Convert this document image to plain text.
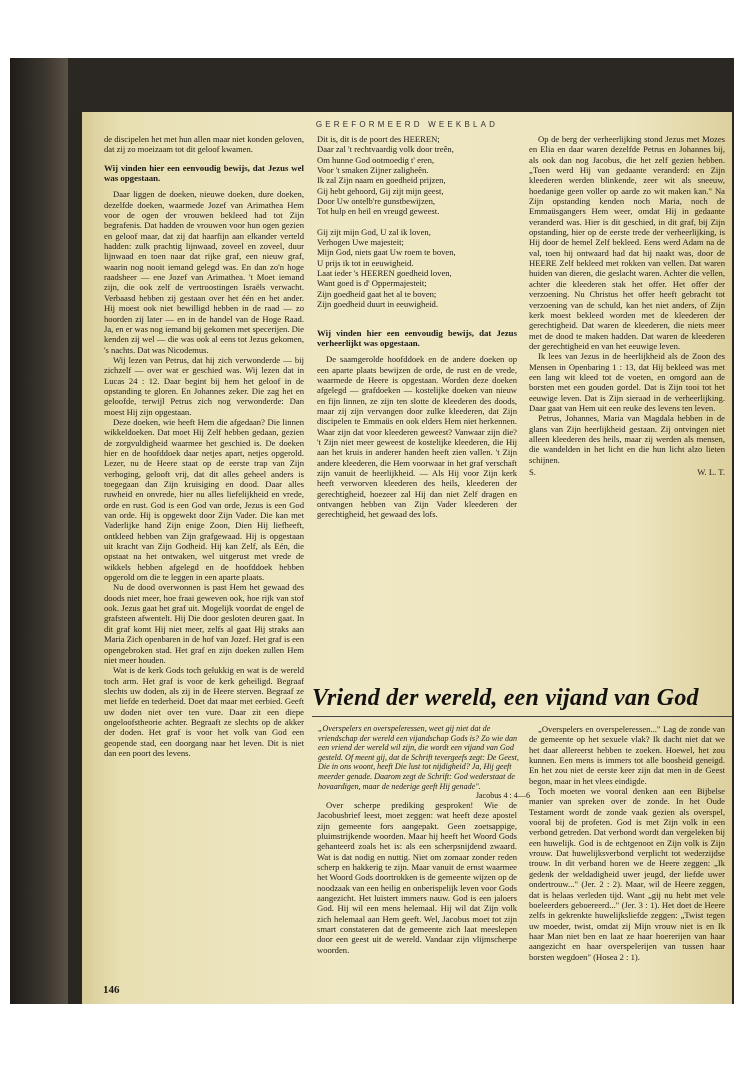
GEREFORMEERD WEEKBLAD

de discipelen het met hun allen maar niet konden geloven, dat zij zo moeizaam tot dit geloof kwamen.

Wij vinden hier een eenvoudig bewijs, dat Jezus wel was opgestaan.

Daar liggen de doeken, nieuwe doeken, dure doeken, dezelfde doeken, waarmede Jozef van Arimathea Hem voor de ogen der vrouwen bekleed had tot Zijn begrafenis. Dat hadden de vrouwen voor hun ogen gezien en geloof maar, dat zij dat haarfijn aan elkander verteld hadden: zulk prachtig lijnwaad, zoveel en zoveel, duur lijnwaad en toen naar dat rijke graf, een nieuw graf, waarin nog nooit iemand gelegd was. En dan zo'n hoge raadsheer — ene Jozef van Arimathea. 't Moet iemand zijn, die ook zelf de vertroostingen Israëls verwacht. Verbaasd hebben zij gestaan over het één en het ander. Hij moest ook niet bewilligd hebben in de raad — zo hoorden zij later — en in de handel van de Hoge Raad. Ja, en er was nog iemand bij gekomen met specerijen. Die kenden zij wel — die was ook al eens tot Jezus gekomen, 's nachts. Dat was Nicodemus.

Wij lezen van Petrus, dat hij zich verwonderde — bij zichzelf — over wat er geschied was. Wij lezen dat in Lucas 24 : 12. Daar begint bij hem het geloof in de opstanding te gloren. En Johannes zeker. Die zag het en geloofde, terwijl Petrus zich nog verwonderde: Dan moest Hij zijn opgestaan.

Deze doeken, wie heeft Hem die afgedaan? Die linnen wikkeldoeken. Dat moet Hij Zelf hebben gedaan, gezien de zorgvuldigheid waarmee het geschied is. De doeken hier en de hoofddoek daar netjes apart, netjes opgerold. Lezer, nu de Heere staat op de eerste trap van Zijn verhoging, gelooft vrij, dat dit alles geheel anders is toegegaan dan Zijn kruisiging en dood. Daar alles ruwheid en onvrede, hier nu alles liefelijkheid en vrede, orde en rust. God is een God van orde, Jezus is een God van orde. Hij is opgewekt door Zijn Vader. Die kan met Vaderlijke hand Zijn enige Zoon, Dien Hij liefheeft, ontkleed hebben van Zijn grafgewaad. Hij is opgestaan uit kracht van Zijn Godheid. Hij kan Zelf, als Eén, die opstaat na het ontwaken, wel uitgerust met vrede de wikkels hebben afgelegd en de hoofddoek hebben opgerold om die te leggen in een aparte plaats.

Nu de dood overwonnen is past Hem het gewaad des doods niet meer, hoe fraai geweven ook, hoe rijk van stof ook. Jezus gaat het graf uit. Mogelijk voordat de engel de grafsteen afwentelt. Hij Die door gesloten deuren gaat. In dit graf komt Hij niet meer, zelfs al gaat Hij straks aan Maria Zich openbaren in de hof van Jozef. Het graf is een opengebroken stad. Het graf en zijn doeken zullen Hem niet meer houden.

Wat is de kerk Gods toch gelukkig en wat is de wereld toch arm. Het graf is voor de kerk geheiligd. Begraaf slechts uw doden, als zij in de Heere sterven. Begraaf ze met liefde en tederheid. Doet dat maar met eerbied. Geeft uw doden niet over ten vure. Daar zit een diepe ongeloofstheorie achter. Begraaft ze slechts op de akker der doden. Het graf is voor het volk van God een geopende stad, een doorgang naar het leven. Dit is niet dan een poort des levens.

Dit is, dit is de poort des HEEREN;
Daar zal 't rechtvaardig volk door treên,
Om hunne God ootmoedig t' eren,
Voor 't smaken Zijner zaligheên.
Ik zal Zijn naam en goedheid prijzen,
Gij hebt gehoord, Gij zijt mijn geest,
Door Uw ontelb're gunstbewijzen,
Tot hulp en heil en vreugd geweest.
Gij zijt mijn God, U zal ik loven,
Verhogen Uwe majesteit;
Mijn God, niets gaat Uw roem te boven,
U prijs ik tot in eeuwigheid.
Laat ieder 's HEEREN goedheid loven,
Want goed is d' Oppermajesteit;
Zijn goedheid gaat het al te boven;
Zijn goedheid duurt in eeuwigheid.

Wij vinden hier een eenvoudig bewijs, dat Jezus verheerlijkt was opgestaan.

De saamgerolde hoofddoek en de andere doeken op een aparte plaats bewijzen de orde, de rust en de vrede, waarmede de Heere is opgestaan. Worden deze doeken afgelegd — grafdoeken — kostelijke doeken van nieuw en fijn linnen, ze zijn ten slotte de kleederen des doods, maar zij zijn vervangen door zulke kleederen, dat Zijn discipelen te Emmaüs en ook elders Hem niet herkennen. Waar zijn dat voor kleederen geweest? Vanwaar zijn die? 't Zijn niet meer geweest de kostelijke kleederen, die Hij aan het kruis in anderer handen heeft zien vallen. 't Zijn andere kleederen, die Hem voorwaar in het graf verschaft zijn vanuit de heerlijkheid. — Als Hij voor Zijn kerk heeft verworven kleederen des heils, kleederen der gerechtigheid, hoezeer zal Hij dan niet Zelf dragen en ontvangen hebben van Zijn Vader kleederen der gerechtigheid, het gewaad des lofs.

Op de berg der verheerlijking stond Jezus met Mozes en Elia en daar waren dezelfde Petrus en Johannes bij, als ook dan nog Jacobus, die het zelf gezien hebben. „Toen werd Hij van gedaante veranderd: en Zijn kleederen werden blinkende, zeer wit als sneeuw, hoedanige geen voller op aarde zo wit maken kan." Na Zijn opstanding kenden noch Maria, noch de Emmaüsgangers Hem weer, omdat Hij in gedaante veranderd was. Hier is dit geschied, in dit graf, bij Zijn opstanding, hier op de eerste trede der verheerlijking, is Hij door de hemel Zelf bekleed. Eens werd Adam na de val, toen hij ontwaard had dat hij naakt was, door de HEERE Zelf bekleed met rokken van vellen. Dat waren huiden van dieren, die geslacht waren. Achter die vellen, achter die kleederen stak het offer. Het offer der verzoening. Nu Christus het offer heeft gebracht tot verzoening van de schuld, kan het niet anders, of Zijn kerk moest bekleed worden met de kleederen der gerechtigheid. Dat waren de kleederen, die niets meer met de dood te maken hadden. Dat waren de kleederen der gerechtigheid en van het eeuwige leven.

Ik lees van Jezus in de heerlijkheid als de Zoon des Mensen in Openbaring 1 : 13, dat Hij bekleed was met een lang wit kleed tot de voeten, en omgord aan de borsten met een gouden gordel. Dat is Zijn tooi tot het eeuwige leven. Dat is Zijn sieraad in de verheerlijking. Daar gaat van Hem uit een reuke des levens ten leven.

Petrus, Johannes, Maria van Magdala hebben in de glans van Zijn heerlijkheid gestaan. Zij ontvingen niet alleen kleederen des heils, maar zij werden als mensen, die wandelden in het licht en die hun licht alzo lieten schijnen.

S.	W. L. T.
Vriend der wereld, een vijand van God
„Overspelers en overspeleressen, weet gij niet dat de vriendschap der wereld een vijandschap Gods is? Zo wie dan een vriend der wereld wil zijn, die wordt een vijand van God gesteld. Of meent gij, dat de Schrift tevergeefs zegt: De Geest, Die in ons woont, heeft Die lust tot nijdigheid? Ja, Hij geeft meerder genade. Daarom zegt de Schrift: God wederstaat de hovaardigen, maar de nederige geeft Hij genade".
Jacobus 4 : 4—6

Over scherpe prediking gesproken! Wie de Jacobusbrief leest, moet zeggen: wat heeft deze apostel zijn gemeente fors aangepakt. Geen zoetsappige, pluimstrijkende woorden. Maar hij heeft het Woord Gods gehanteerd zoals het is: als een scherpsnijdend zwaard. Wat is dat nodig en nuttig. Niet om zomaar zonder reden scherp en hakkerig te zijn. Maar vanuit de ernst waarmee het Woord Gods doortrokken is de gemeente wijzen op de noodzaak van een heilig en onberispelijk leven voor Gods aangezicht. Het luistert immers nauw. God is een jaloers God. Hij wil een mens helemaal. Hij wil dat Zijn volk zich helemaal aan Hem geeft. Wel, Jacobus moet tot zijn smart constateren dat de gemeente zich laat meeslepen door een geest uit de wereld. Vandaar zijn vlijmscherpe woorden.

„Overspelers en overspeleressen..." Lag de zonde van de gemeente op het sexuele vlak? Ik dacht niet dat we het daar allereerst hebben te zoeken. Hoewel, het zou kunnen. Een mens is immers tot alle boosheid geneigd. En het zou niet de eerste keer zijn dat men in de Geest begon, maar in het vlees eindigde.

Toch moeten we vooral denken aan een Bijbelse manier van spreken over de zonde. In het Oude Testament wordt de zonde vaak gezien als overspel, vooral bij de profeten. God is met Zijn volk in een verbond getreden. Dat verbond wordt dan vergeleken bij een huwelijk. God is de echtgenoot en Zijn volk is Zijn vrouw. Dat huwelijksverbond verplicht tot wederzijdse trouw. In dit verband horen we de Heere zeggen: „Ik gedenk der weldadigheid uwer jeugd, der liefde uwer ondertrouw..." (Jer. 2 : 2). Maar, wil de Heere zeggen, dat is helaas verleden tijd. Want „gij nu hebt met vele boeleerders geboereerd..." (Jer. 3 : 1). Het doet de Heere zelfs in gekrenkte huwelijksliefde zeggen: „Twist tegen uw moeder, twist, omdat zij Mijn vrouw niet is en Ik haar Man niet ben en laat ze haar hoererijen van haar aangezicht en haar overspelerijen van tussen haar borsten wegdoen" (Hosea 2 : 1).

146
